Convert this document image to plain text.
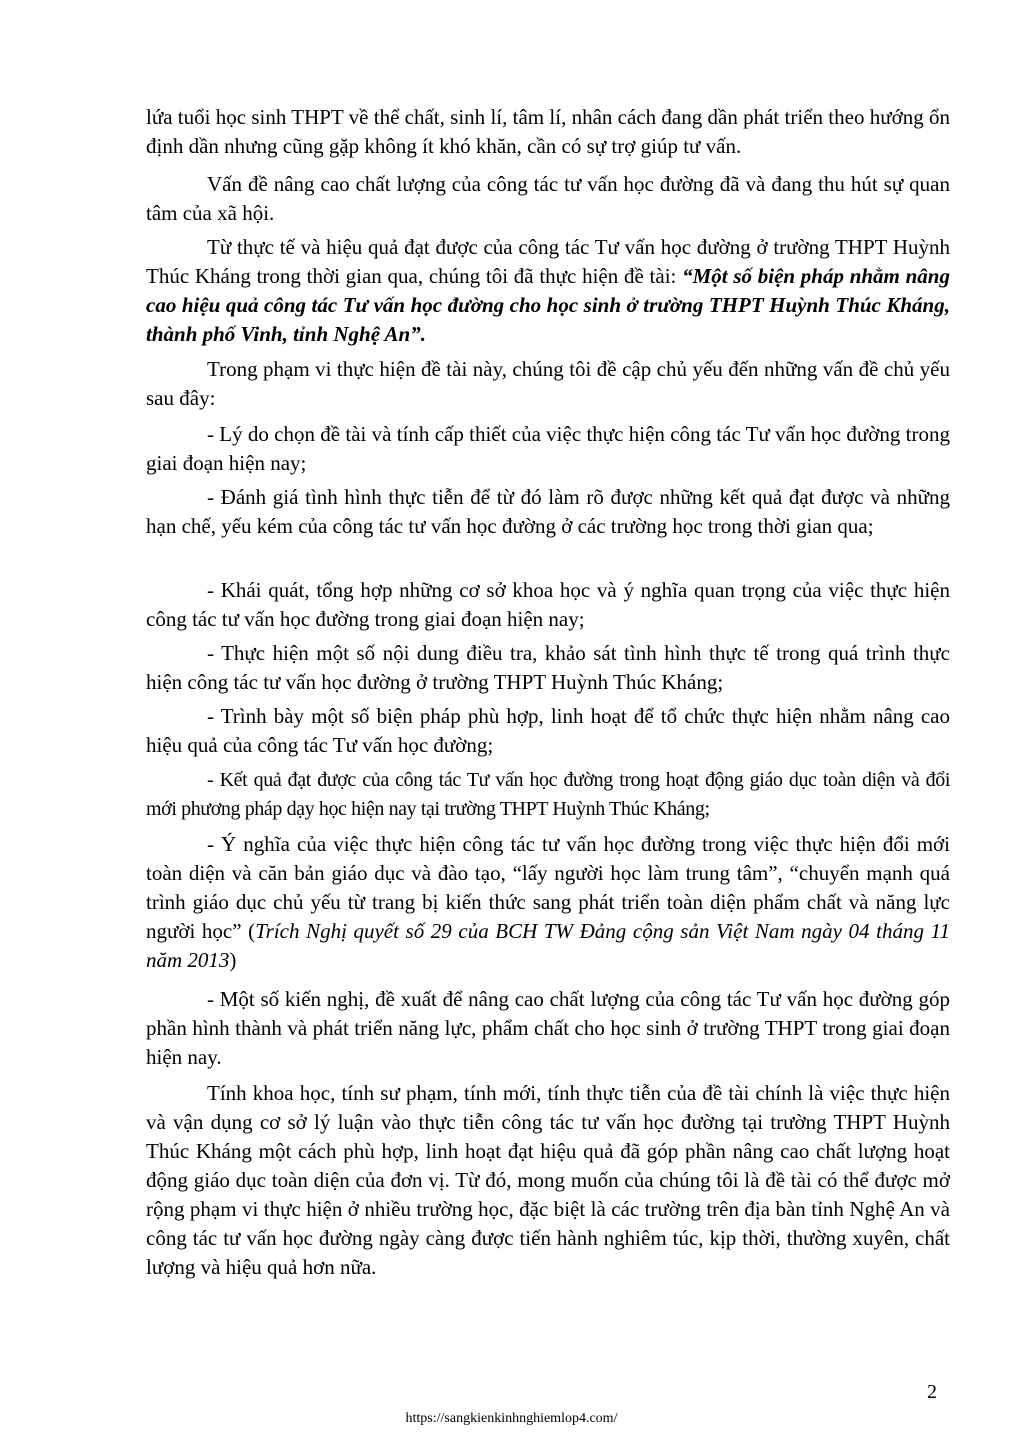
lứa tuổi học sinh THPT về thể chất, sinh lí, tâm lí, nhân cách đang dần phát triển theo hướng ổn định dần nhưng cũng gặp không ít khó khăn, cần có sự trợ giúp tư vấn.

Vấn đề nâng cao chất lượng của công tác tư vấn học đường đã và đang thu hút sự quan tâm của xã hội.

Từ thực tế và hiệu quả đạt được của công tác Tư vấn học đường ở trường THPT Huỳnh Thúc Kháng trong thời gian qua, chúng tôi đã thực hiện đề tài: “Một số biện pháp nhằm nâng cao hiệu quả công tác Tư vấn học đường cho học sinh ở trường THPT Huỳnh Thúc Kháng, thành phố Vinh, tỉnh Nghệ An”.

Trong phạm vi thực hiện đề tài này, chúng tôi đề cập chủ yếu đến những vấn đề chủ yếu sau đây:

- Lý do chọn đề tài và tính cấp thiết của việc thực hiện công tác Tư vấn học đường trong giai đoạn hiện nay;

- Đánh giá tình hình thực tiễn để từ đó làm rõ được những kết quả đạt được và những hạn chế, yếu kém của công tác tư vấn học đường ở các trường học trong thời gian qua;

- Khái quát, tổng hợp những cơ sở khoa học và ý nghĩa quan trọng của việc thực hiện công tác tư vấn học đường trong giai đoạn hiện nay;

- Thực hiện một số nội dung điều tra, khảo sát tình hình thực tế trong quá trình thực hiện công tác tư vấn học đường ở trường THPT Huỳnh Thúc Kháng;

- Trình bày một số biện pháp phù hợp, linh hoạt để tổ chức thực hiện nhằm nâng cao hiệu quả của công tác Tư vấn học đường;

- Kết quả đạt được của công tác Tư vấn học đường trong hoạt động giáo dục toàn diện và đổi mới phương pháp dạy học hiện nay tại trường THPT Huỳnh Thúc Kháng;

- Ý nghĩa của việc thực hiện công tác tư vấn học đường trong việc thực hiện đổi mới toàn diện và căn bản giáo dục và đào tạo, “lấy người học làm trung tâm”, “chuyển mạnh quá trình giáo dục chủ yếu từ trang bị kiến thức sang phát triển toàn diện phẩm chất và năng lực người học” (Trích Nghị quyết số 29 của BCH TW Đảng cộng sản Việt Nam ngày 04 tháng 11 năm 2013)

- Một số kiến nghị, đề xuất để nâng cao chất lượng của công tác Tư vấn học đường góp phần hình thành và phát triển năng lực, phẩm chất cho học sinh ở trường THPT trong giai đoạn hiện nay.

Tính khoa học, tính sư phạm, tính mới, tính thực tiễn của đề tài chính là việc thực hiện và vận dụng cơ sở lý luận vào thực tiễn công tác tư vấn học đường tại trường THPT Huỳnh Thúc Kháng một cách phù hợp, linh hoạt đạt hiệu quả đã góp phần nâng cao chất lượng hoạt động giáo dục toàn diện của đơn vị. Từ đó, mong muốn của chúng tôi là đề tài có thể được mở rộng phạm vi thực hiện ở nhiều trường học, đặc biệt là các trường trên địa bàn tỉnh Nghệ An và công tác tư vấn học đường ngày càng được tiến hành nghiêm túc, kịp thời, thường xuyên, chất lượng và hiệu quả hơn nữa.

2
https://sangkienkinhnghiemlop4.com/
